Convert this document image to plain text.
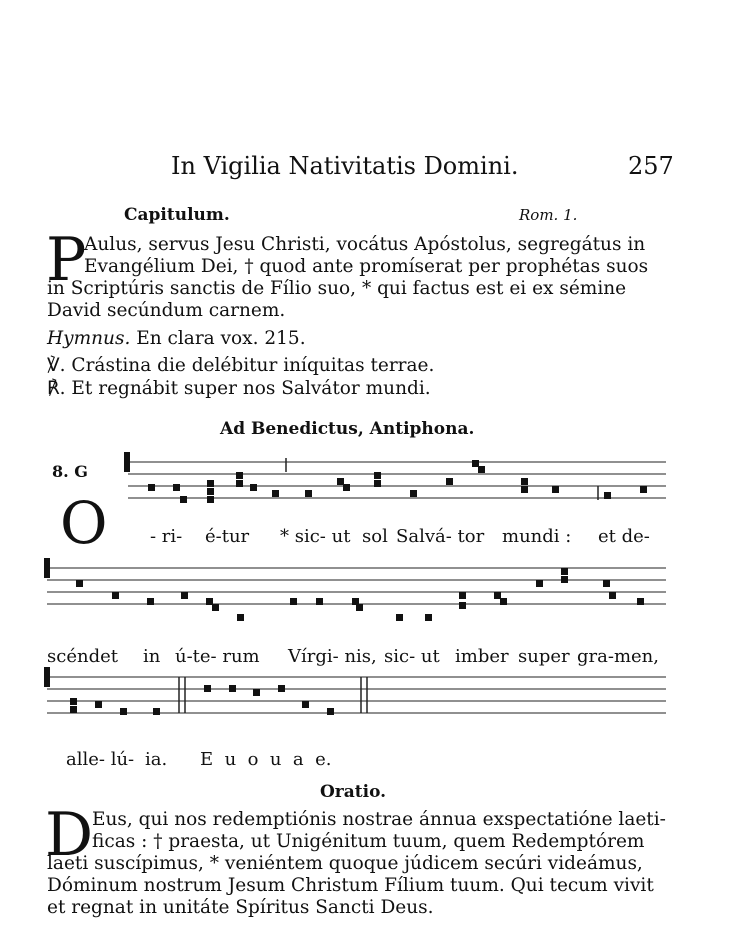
In Vigilia Nativitatis Domini.	257
Capitulum.	Rom. 1.
P
Aulus, servus Jesu Christi, vocátus Apóstolus, segregátus in
Evangélium Dei, † quod ante promíserat per prophétas suos
in Scriptúris sanctis de Fílio suo, * qui factus est ei ex sémine
David secúndum carnem.
Hymnus. En clara vox. 215.
℣. Crástina die delébitur iníquitas terrae.
℟. Et regnábit super nos Salvátor mundi.
Ad Benedictus, Antiphona.
8. G
O - ri- é-tur * sic- ut sol Salvá- tor mundi : et de-
scéndet in ú-te- rum Vírgi- nis, sic- ut imber super gra-men,
alle- lú- ia. E  u  o  u  a  e.
Oratio.
D
Eus, qui nos redemptiónis nostrae ánnua exspectatióne laeti-
ficas : † praesta, ut Unigénitum tuum, quem Redemptórem
laeti suscípimus, * veniéntem quoque júdicem secúri videámus,
Dóminum nostrum Jesum Christum Fílium tuum. Qui tecum vivit
et regnat in unitáte Spíritus Sancti Deus.
